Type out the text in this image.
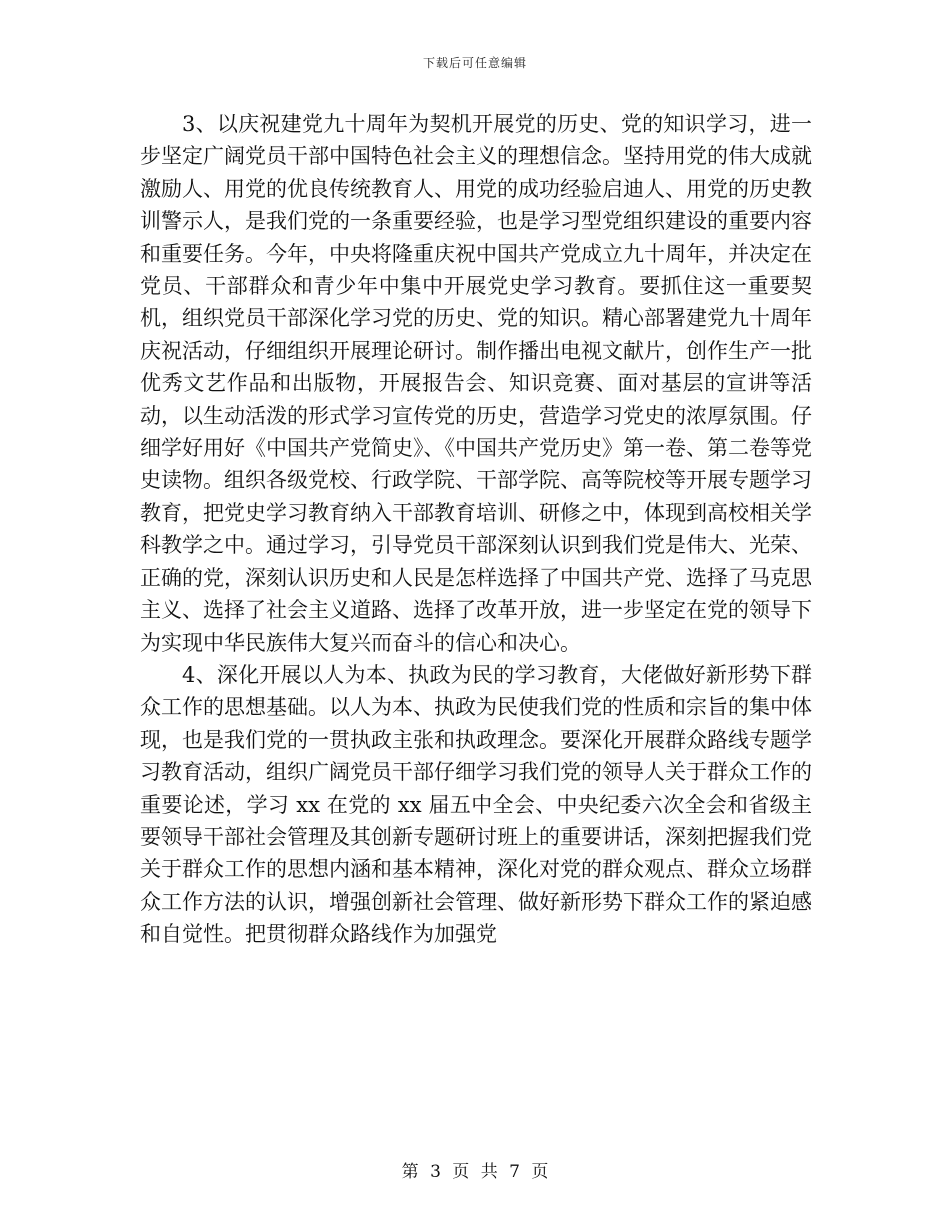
下载后可任意编辑

3、以庆祝建党九十周年为契机开展党的历史、党的知识学习，进一步坚定广阔党员干部中国特色社会主义的理想信念。坚持用党的伟大成就激励人、用党的优良传统教育人、用党的成功经验启迪人、用党的历史教训警示人，是我们党的一条重要经验，也是学习型党组织建设的重要内容和重要任务。今年，中央将隆重庆祝中国共产党成立九十周年，并决定在党员、干部群众和青少年中集中开展党史学习教育。要抓住这一重要契机，组织党员干部深化学习党的历史、党的知识。精心部署建党九十周年庆祝活动，仔细组织开展理论研讨。制作播出电视文献片，创作生产一批优秀文艺作品和出版物，开展报告会、知识竞赛、面对基层的宣讲等活动，以生动活泼的形式学习宣传党的历史，营造学习党史的浓厚氛围。仔细学好用好《中国共产党简史》、《中国共产党历史》第一卷、第二卷等党史读物。组织各级党校、行政学院、干部学院、高等院校等开展专题学习教育，把党史学习教育纳入干部教育培训、研修之中，体现到高校相关学科教学之中。通过学习，引导党员干部深刻认识到我们党是伟大、光荣、正确的党，深刻认识历史和人民是怎样选择了中国共产党、选择了马克思主义、选择了社会主义道路、选择了改革开放，进一步坚定在党的领导下为实现中华民族伟大复兴而奋斗的信心和决心。

4、深化开展以人为本、执政为民的学习教育，大佬做好新形势下群众工作的思想基础。以人为本、执政为民使我们党的性质和宗旨的集中体现，也是我们党的一贯执政主张和执政理念。要深化开展群众路线专题学习教育活动，组织广阔党员干部仔细学习我们党的领导人关于群众工作的重要论述，学习 xx 在党的 xx 届五中全会、中央纪委六次全会和省级主要领导干部社会管理及其创新专题研讨班上的重要讲话，深刻把握我们党关于群众工作的思想内涵和基本精神，深化对党的群众观点、群众立场群众工作方法的认识，增强创新社会管理、做好新形势下群众工作的紧迫感和自觉性。把贯彻群众路线作为加强党

第 3 页 共 7 页
